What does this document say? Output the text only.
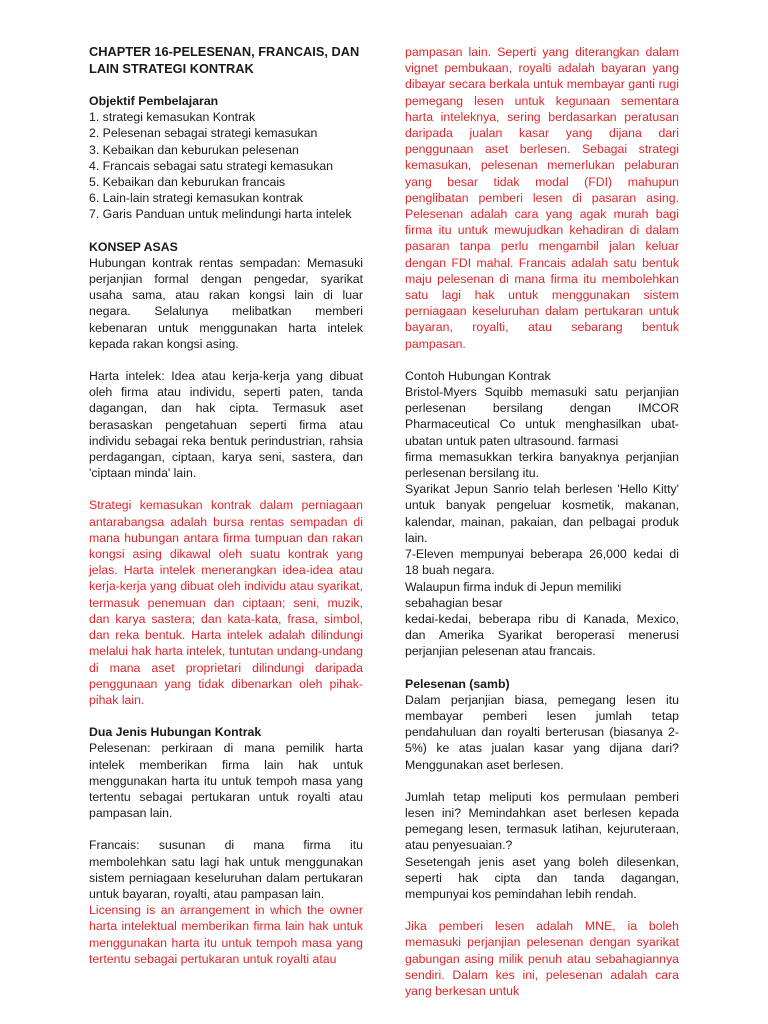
CHAPTER 16-PELESENAN, FRANCAIS, DAN LAIN STRATEGI KONTRAK

Objektif Pembelajaran

1. strategi kemasukan Kontrak
2. Pelesenan sebagai strategi kemasukan
3. Kebaikan dan keburukan pelesenan
4. Francais sebagai satu strategi kemasukan
5. Kebaikan dan keburukan francais
6. Lain-lain strategi kemasukan kontrak
7. Garis Panduan untuk melindungi harta intelek

KONSEP ASAS

Hubungan kontrak rentas sempadan: Memasuki perjanjian formal dengan pengedar, syarikat usaha sama, atau rakan kongsi lain di luar negara. Selalunya melibatkan memberi kebenaran untuk menggunakan harta intelek kepada rakan kongsi asing.

Harta intelek: Idea atau kerja-kerja yang dibuat oleh firma atau individu, seperti paten, tanda dagangan, dan hak cipta. Termasuk aset berasaskan pengetahuan seperti firma atau individu sebagai reka bentuk perindustrian, rahsia perdagangan, ciptaan, karya seni, sastera, dan 'ciptaan minda' lain.

Strategi kemasukan kontrak dalam perniagaan antarabangsa adalah bursa rentas sempadan di mana hubungan antara firma tumpuan dan rakan kongsi asing dikawal oleh suatu kontrak yang jelas. Harta intelek menerangkan idea-idea atau kerja-kerja yang dibuat oleh individu atau syarikat, termasuk penemuan dan ciptaan; seni, muzik, dan karya sastera; dan kata-kata, frasa, simbol, dan reka bentuk. Harta intelek adalah dilindungi melalui hak harta intelek, tuntutan undang-undang di mana aset proprietari dilindungi daripada penggunaan yang tidak dibenarkan oleh pihak-pihak lain.

Dua Jenis Hubungan Kontrak

Pelesenan: perkiraan di mana pemilik harta intelek memberikan firma lain hak untuk menggunakan harta itu untuk tempoh masa yang tertentu sebagai pertukaran untuk royalti atau pampasan lain.

Francais: susunan di mana firma itu membolehkan satu lagi hak untuk menggunakan sistem perniagaan keseluruhan dalam pertukaran untuk bayaran, royalti, atau pampasan lain.

Licensing is an arrangement in which the owner harta intelektual memberikan firma lain hak untuk menggunakan harta itu untuk tempoh masa yang tertentu sebagai pertukaran untuk royalti atau

pampasan lain. Seperti yang diterangkan dalam vignet pembukaan, royalti adalah bayaran yang dibayar secara berkala untuk membayar ganti rugi pemegang lesen untuk kegunaan sementara harta inteleknya, sering berdasarkan peratusan daripada jualan kasar yang dijana dari penggunaan aset berlesen. Sebagai strategi kemasukan, pelesenan memerlukan pelaburan yang besar tidak modal (FDI) mahupun penglibatan pemberi lesen di pasaran asing. Pelesenan adalah cara yang agak murah bagi firma itu untuk mewujudkan kehadiran di dalam pasaran tanpa perlu mengambil jalan keluar dengan FDI mahal. Francais adalah satu bentuk maju pelesenan di mana firma itu membolehkan satu lagi hak untuk menggunakan sistem perniagaan keseluruhan dalam pertukaran untuk bayaran, royalti, atau sebarang bentuk pampasan.

Contoh Hubungan Kontrak

Bristol-Myers Squibb memasuki satu perjanjian perlesenan bersilang dengan IMCOR Pharmaceutical Co untuk menghasilkan ubat-ubatan untuk paten ultrasound. farmasi

firma memasukkan terkira banyaknya perjanjian perlesenan bersilang itu.

Syarikat Jepun Sanrio telah berlesen 'Hello Kitty' untuk banyak pengeluar kosmetik, makanan, kalendar, mainan, pakaian, dan pelbagai produk lain.

7-Eleven mempunyai beberapa 26,000 kedai di 18 buah negara.

Walaupun firma induk di Jepun memiliki sebahagian besar

kedai-kedai, beberapa ribu di Kanada, Mexico, dan Amerika Syarikat beroperasi menerusi perjanjian pelesenan atau francais.

Pelesenan (samb)

Dalam perjanjian biasa, pemegang lesen itu membayar pemberi lesen jumlah tetap pendahuluan dan royalti berterusan (biasanya 2-5%) ke atas jualan kasar yang dijana dari? Menggunakan aset berlesen.

Jumlah tetap meliputi kos permulaan pemberi lesen ini? Memindahkan aset berlesen kepada pemegang lesen, termasuk latihan, kejuruteraan, atau penyesuaian.?

Sesetengah jenis aset yang boleh dilesenkan, seperti hak cipta dan tanda dagangan, mempunyai kos pemindahan lebih rendah.

Jika pemberi lesen adalah MNE, ia boleh memasuki perjanjian pelesenan dengan syarikat gabungan asing milik penuh atau sebahagiannya sendiri. Dalam kes ini, pelesenan adalah cara yang berkesan untuk
